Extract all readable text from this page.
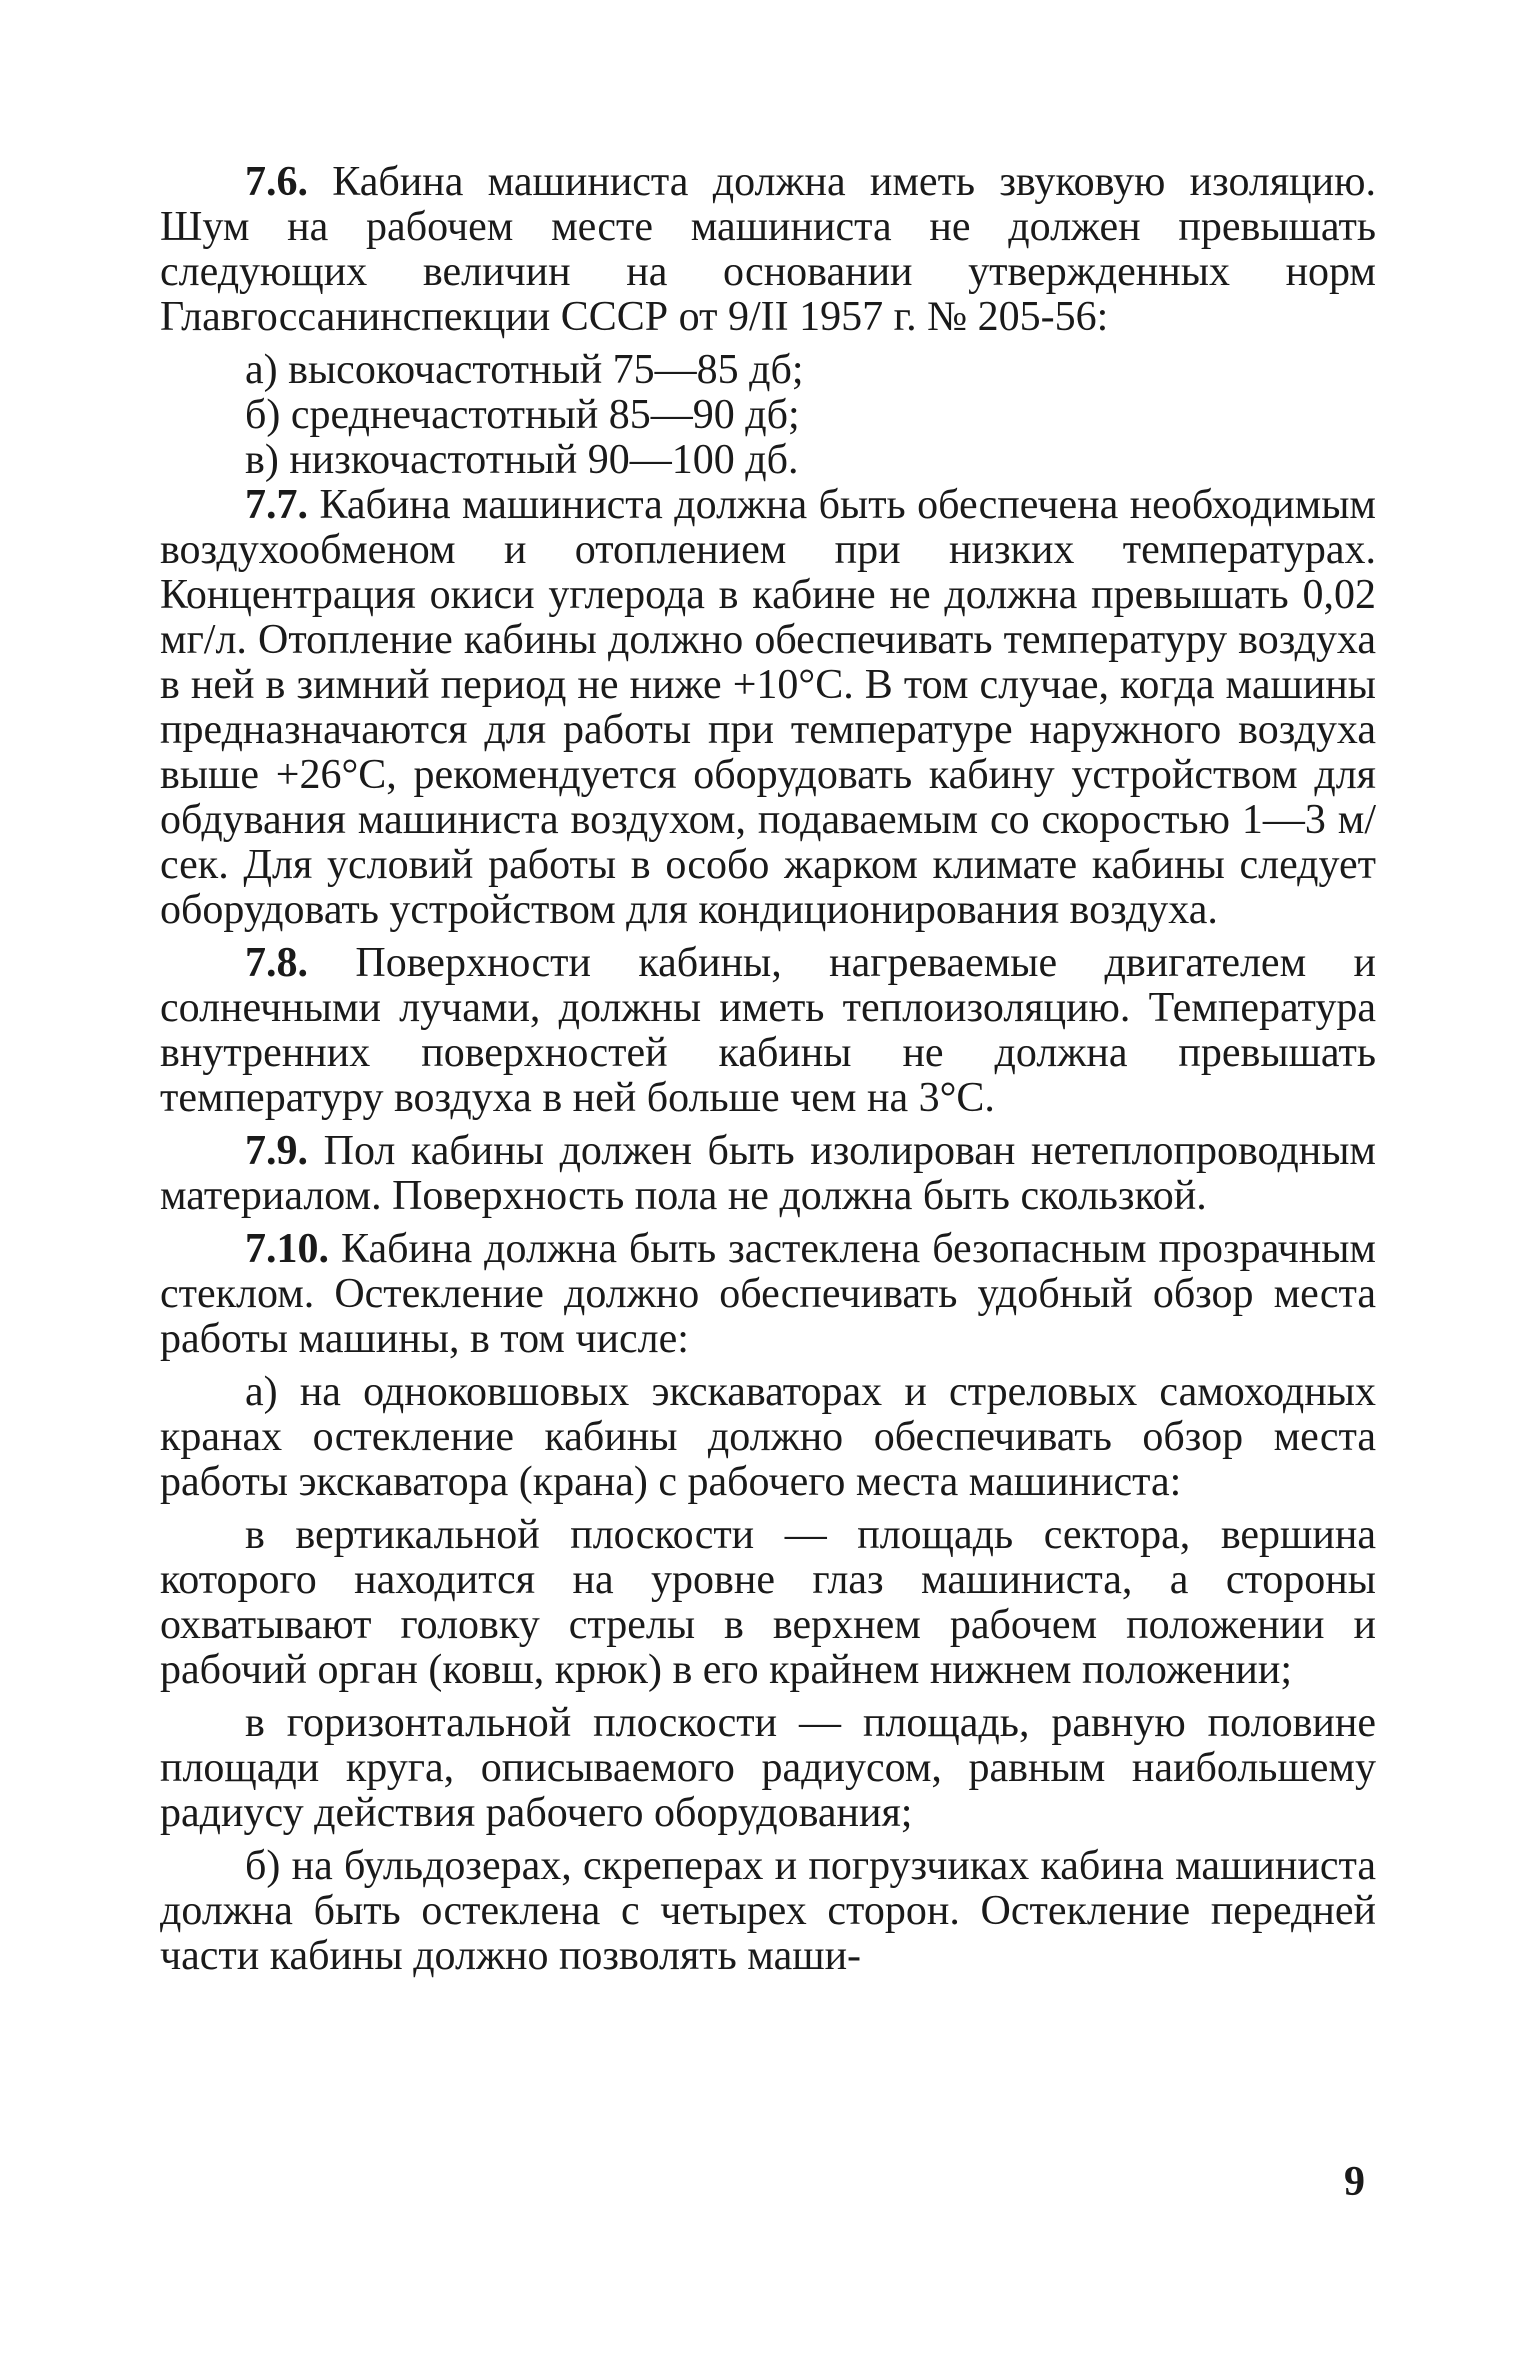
7.6. Кабина машиниста должна иметь звуковую изоляцию. Шум на рабочем месте машиниста не должен превышать следующих величин на основании утвержденных норм Главгоссанинспекции СССР от 9/II 1957 г. № 205-56:

а) высокочастотный 75—85 дб;

б) среднечастотный 85—90 дб;

в) низкочастотный 90—100 дб.

7.7. Кабина машиниста должна быть обеспечена необходимым воздухообменом и отоплением при низких температурах. Концентрация окиси углерода в кабине не должна превышать 0,02 мг/л. Отопление кабины должно обеспечивать температуру воздуха в ней в зимний период не ниже +10°С. В том случае, когда машины предназначаются для работы при температуре наружного воздуха выше +26°С, рекомендуется оборудовать кабину устройством для обдувания машиниста воздухом, подаваемым со скоростью 1—3 м/сек. Для условий работы в особо жарком климате кабины следует оборудовать устройством для кондиционирования воздуха.

7.8. Поверхности кабины, нагреваемые двигателем и солнечными лучами, должны иметь теплоизоляцию. Температура внутренних поверхностей кабины не должна превышать температуру воздуха в ней больше чем на 3°С.

7.9. Пол кабины должен быть изолирован нетеплопроводным материалом. Поверхность пола не должна быть скользкой.

7.10. Кабина должна быть застеклена безопасным прозрачным стеклом. Остекление должно обеспечивать удобный обзор места работы машины, в том числе:

а) на одноковшовых экскаваторах и стреловых самоходных кранах остекление кабины должно обеспечивать обзор места работы экскаватора (крана) с рабочего места машиниста:

в вертикальной плоскости — площадь сектора, вершина которого находится на уровне глаз машиниста, а стороны охватывают головку стрелы в верхнем рабочем положении и рабочий орган (ковш, крюк) в его крайнем нижнем положении;

в горизонтальной плоскости — площадь, равную половине площади круга, описываемого радиусом, равным наибольшему радиусу действия рабочего оборудования;

б) на бульдозерах, скреперах и погрузчиках кабина машиниста должна быть остеклена с четырех сторон. Остекление передней части кабины должно позволять маши-

9
